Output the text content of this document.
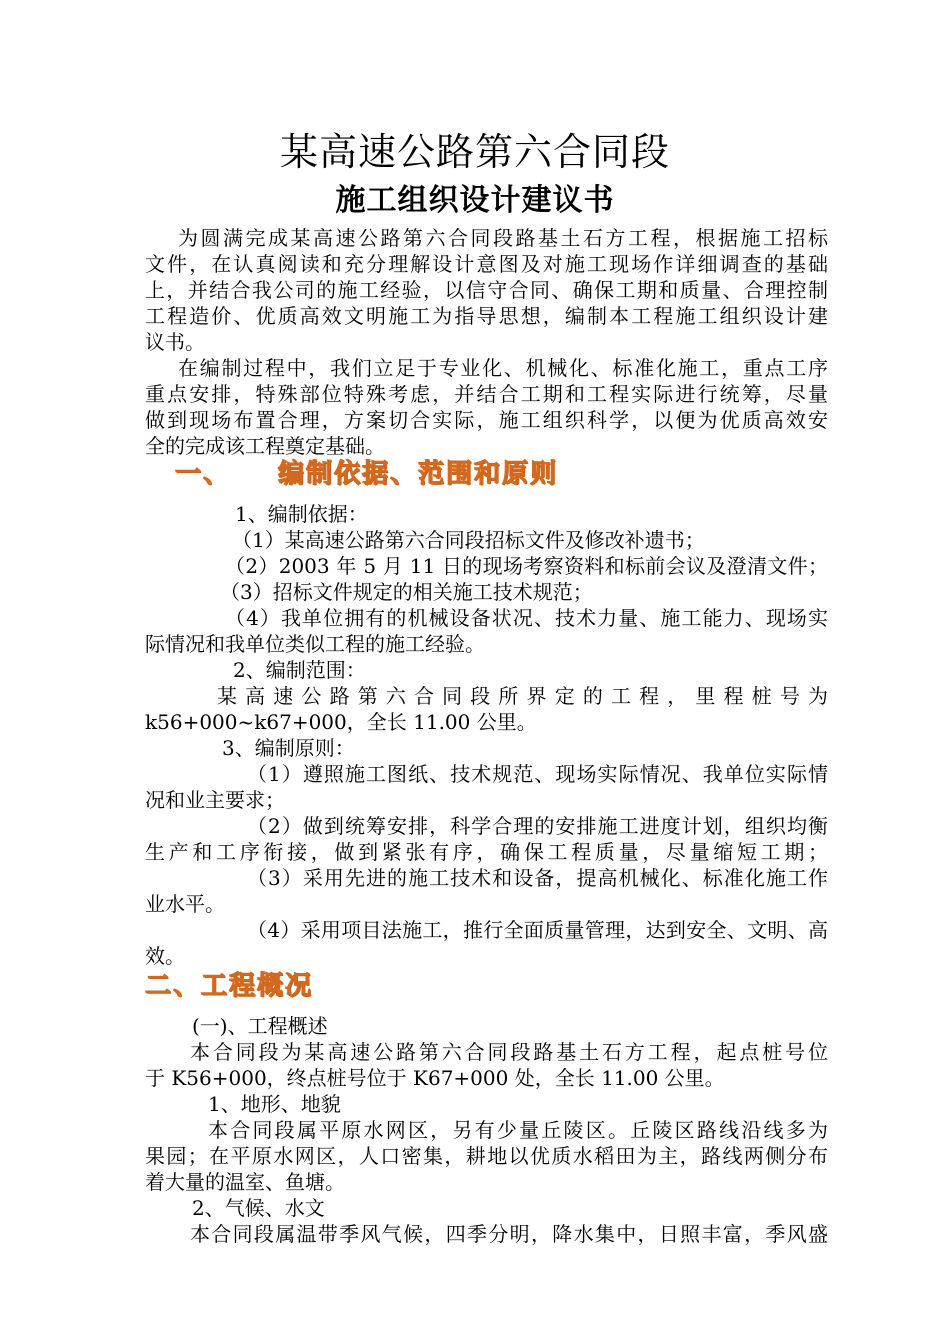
某高速公路第六合同段
施工组织设计建议书
为圆满完成某高速公路第六合同段路基土石方工程，根据施工招标
文件，在认真阅读和充分理解设计意图及对施工现场作详细调查的基础
上，并结合我公司的施工经验，以信守合同、确保工期和质量、合理控制
工程造价、优质高效文明施工为指导思想，编制本工程施工组织设计建
议书。
在编制过程中，我们立足于专业化、机械化、标准化施工，重点工序
重点安排，特殊部位特殊考虑，并结合工期和工程实际进行统筹，尽量
做到现场布置合理，方案切合实际，施工组织科学，以便为优质高效安
全的完成该工程奠定基础。
一、 编制依据、范围和原则
1、编制依据：
（1）某高速公路第六合同段招标文件及修改补遗书；
（2）2003 年 5 月 11 日的现场考察资料和标前会议及澄清文件；
（3）招标文件规定的相关施工技术规范；
（4）我单位拥有的机械设备状况、技术力量、施工能力、现场实
际情况和我单位类似工程的施工经验。
2、编制范围：
某 高 速 公 路 第 六 合 同 段 所 界 定 的 工 程 ， 里 程 桩 号 为
k56+000~k67+000，全长 11.00 公里。
3、编制原则：
（1）遵照施工图纸、技术规范、现场实际情况、我单位实际情
况和业主要求；
（2）做到统筹安排，科学合理的安排施工进度计划，组织均衡
生产和工序衔接，做到紧张有序，确保工程质量，尽量缩短工期；
（3）采用先进的施工技术和设备，提高机械化、标准化施工作
业水平。
（4）采用项目法施工，推行全面质量管理，达到安全、文明、高
效。
二、工程概况
(一)、工程概述
本合同段为某高速公路第六合同段路基土石方工程，起点桩号位
于 K56+000，终点桩号位于 K67+000 处，全长 11.00 公里。
1、地形、地貌
本合同段属平原水网区，另有少量丘陵区。丘陵区路线沿线多为
果园；在平原水网区，人口密集，耕地以优质水稻田为主，路线两侧分布
着大量的温室、鱼塘。
2、气候、水文
本合同段属温带季风气候，四季分明，降水集中，日照丰富，季风盛
